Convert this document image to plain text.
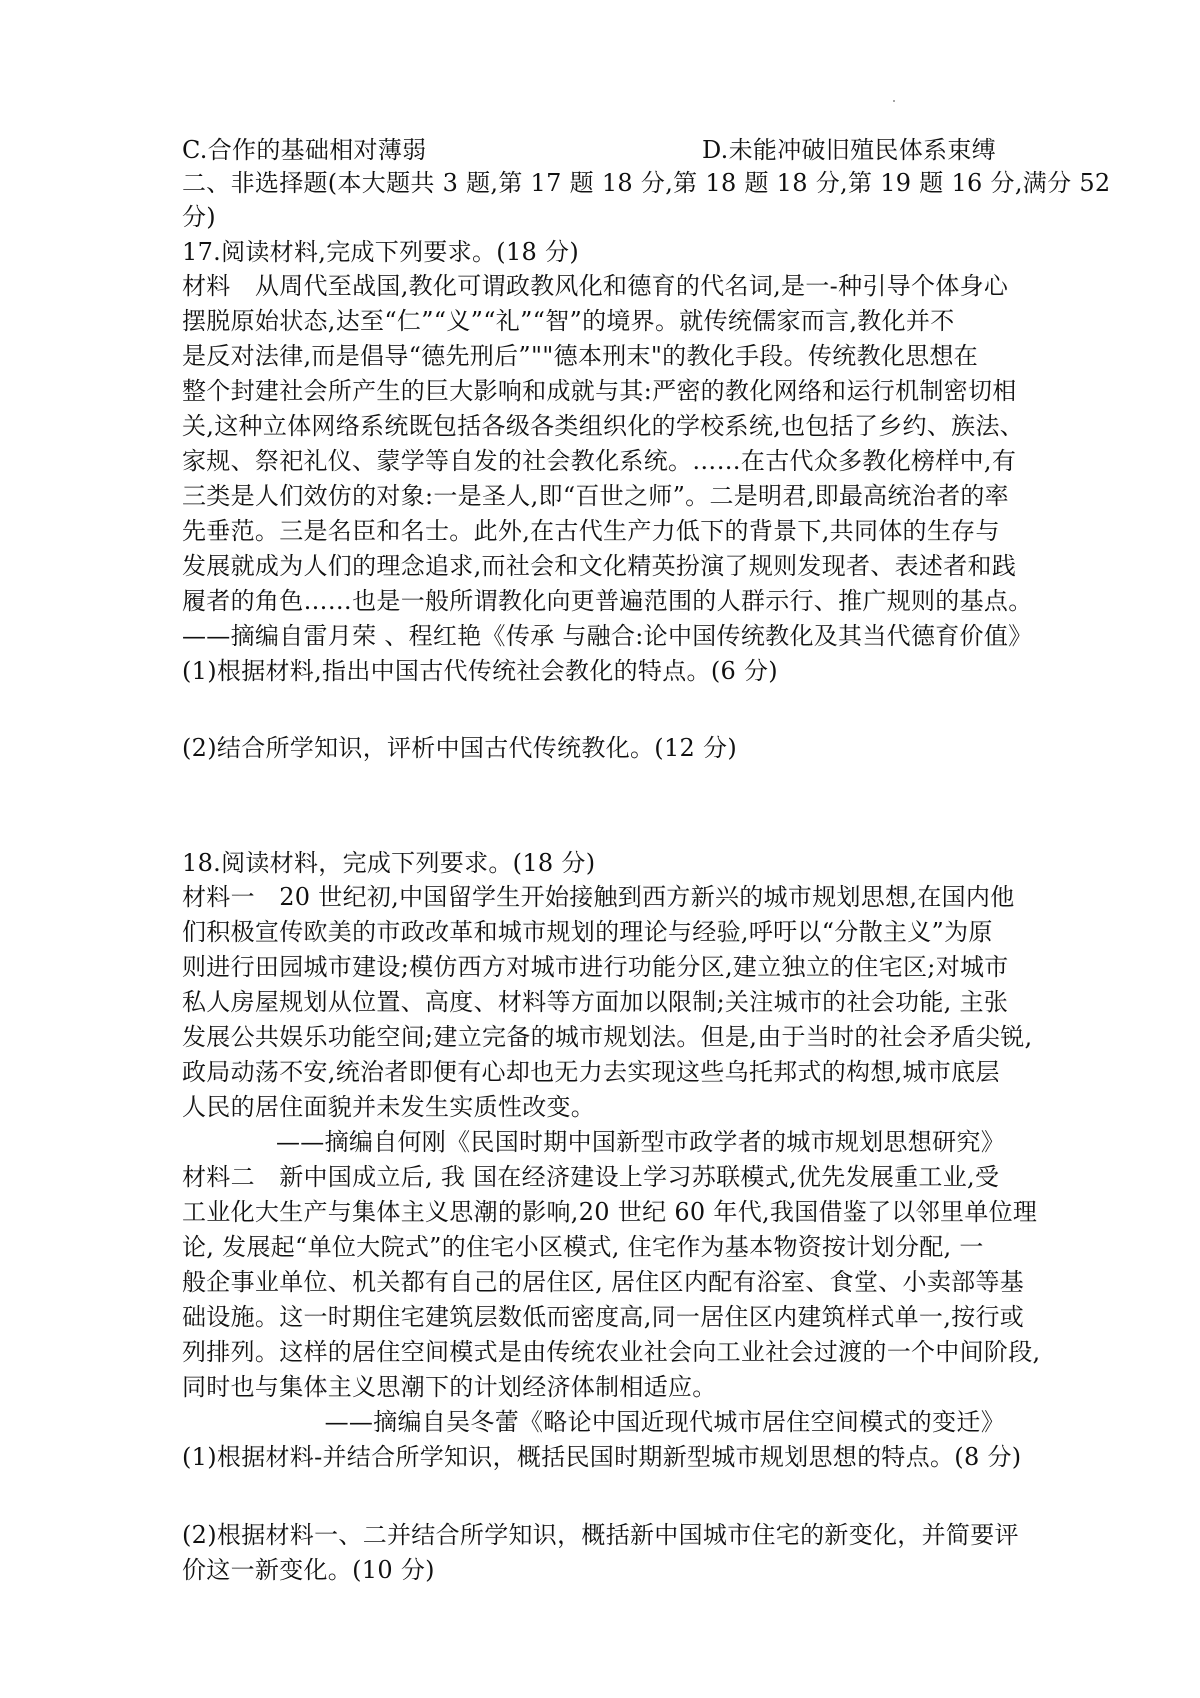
C.合作的基础相对薄弱	D.未能冲破旧殖民体系束缚
二、非选择题(本大题共 3 题,第 17 题 18 分,第 18 题 18 分,第 19 题 16 分,满分 52
分)
17.阅读材料,完成下列要求。(18 分)
材料　从周代至战国,教化可谓政教风化和德育的代名词,是一-种引导个体身心
摆脱原始状态,达至“仁”“义”“礼”“智”的境界。就传统儒家而言,教化并不
是反对法律,而是倡导“德先刑后”""德本刑末"的教化手段。传统教化思想在
整个封建社会所产生的巨大影响和成就与其:严密的教化网络和运行机制密切相
关,这种立体网络系统既包括各级各类组织化的学校系统,也包括了乡约、族法、
家规、祭祀礼仪、蒙学等自发的社会教化系统。……在古代众多教化榜样中,有
三类是人们效仿的对象:一是圣人,即“百世之师”。二是明君,即最高统治者的率
先垂范。三是名臣和名士。此外,在古代生产力低下的背景下,共同体的生存与
发展就成为人们的理念追求,而社会和文化精英扮演了规则发现者、表述者和践
履者的角色……也是一般所谓教化向更普遍范围的人群示行、推广规则的基点。
——摘编自雷月荣 、程红艳《传承 与融合:论中国传统教化及其当代德育价值》
(1)根据材料,指出中国古代传统社会教化的特点。(6 分)
(2)结合所学知识，评析中国古代传统教化。(12 分)
18.阅读材料，完成下列要求。(18 分)
材料一　20 世纪初,中国留学生开始接触到西方新兴的城市规划思想,在国内他
们积极宣传欧美的市政改革和城市规划的理论与经验,呼吁以“分散主义”为原
则进行田园城市建设;模仿西方对城市进行功能分区,建立独立的住宅区;对城市
私人房屋规划从位置、高度、材料等方面加以限制;关注城市的社会功能, 主张
发展公共娱乐功能空间;建立完备的城市规划法。但是,由于当时的社会矛盾尖锐,
政局动荡不安,统治者即便有心却也无力去实现这些乌托邦式的构想,城市底层
人民的居住面貌并未发生实质性改变。
——摘编自何刚《民国时期中国新型市政学者的城市规划思想研究》
材料二　新中国成立后, 我 国在经济建设上学习苏联模式,优先发展重工业,受
工业化大生产与集体主义思潮的影响,20 世纪 60 年代,我国借鉴了以邻里单位理
论, 发展起“单位大院式”的住宅小区模式, 住宅作为基本物资按计划分配, 一
般企事业单位、机关都有自己的居住区, 居住区内配有浴室、食堂、小卖部等基
础设施。这一时期住宅建筑层数低而密度高,同一居住区内建筑样式单一,按行或
列排列。这样的居住空间模式是由传统农业社会向工业社会过渡的一个中间阶段,
同时也与集体主义思潮下的计划经济体制相适应。
——摘编自吴冬蕾《略论中国近现代城市居住空间模式的变迁》
(1)根据材料-并结合所学知识，概括民国时期新型城市规划思想的特点。(8 分)
(2)根据材料一、二并结合所学知识，概括新中国城市住宅的新变化，并简要评
价这一新变化。(10 分)
